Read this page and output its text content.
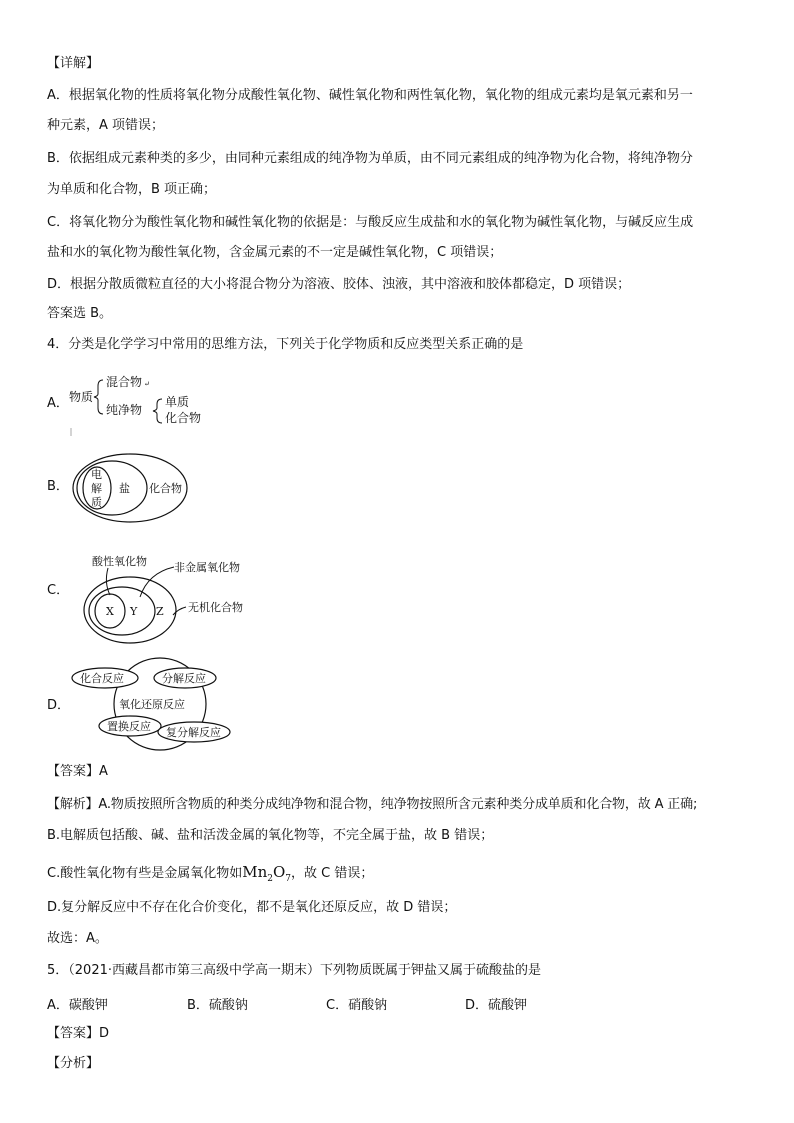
【详解】
A．根据氧化物的性质将氧化物分成酸性氧化物、碱性氧化物和两性氧化物，氧化物的组成元素均是氧元素和另一
种元素，A 项错误；
B．依据组成元素种类的多少，由同种元素组成的纯净物为单质，由不同元素组成的纯净物为化合物，将纯净物分
为单质和化合物，B 项正确；
C．将氧化物分为酸性氧化物和碱性氧化物的依据是：与酸反应生成盐和水的氧化物为碱性氧化物，与碱反应生成
盐和水的氧化物为酸性氧化物，含金属元素的不一定是碱性氧化物，C 项错误；
D．根据分散质微粒直径的大小将混合物分为溶液、胶体、浊液，其中溶液和胶体都稳定，D 项错误；
答案选 B。
4．分类是化学学习中常用的思维方法，下列关于化学物质和反应类型关系正确的是
A． 物质
混合物 ↵
纯净物
单质
化合物
B．
电
解
质
盐 化合物
C．
酸性氧化物 非金属氧化物
无机化合物
X Y Z
D．
化合反应	分解反应
氧化还原反应
置换反应 复分解反应
【答案】A
【解析】A.物质按照所含物质的种类分成纯净物和混合物，纯净物按照所含元素种类分成单质和化合物，故 A 正确;
B.电解质包括酸、碱、盐和活泼金属的氧化物等，不完全属于盐，故 B 错误；
C.酸性氧化物有些是金属氧化物如$Mn_2O_7$，故 C 错误；
D.复分解反应中不存在化合价变化，都不是氧化还原反应，故 D 错误；
故选：A。
5．（2021·西藏昌都市第三高级中学高一期末）下列物质既属于钾盐又属于硫酸盐的是
A．碳酸钾	B．硫酸钠	C．硝酸钠	D．硫酸钾
【答案】D
【分析】
